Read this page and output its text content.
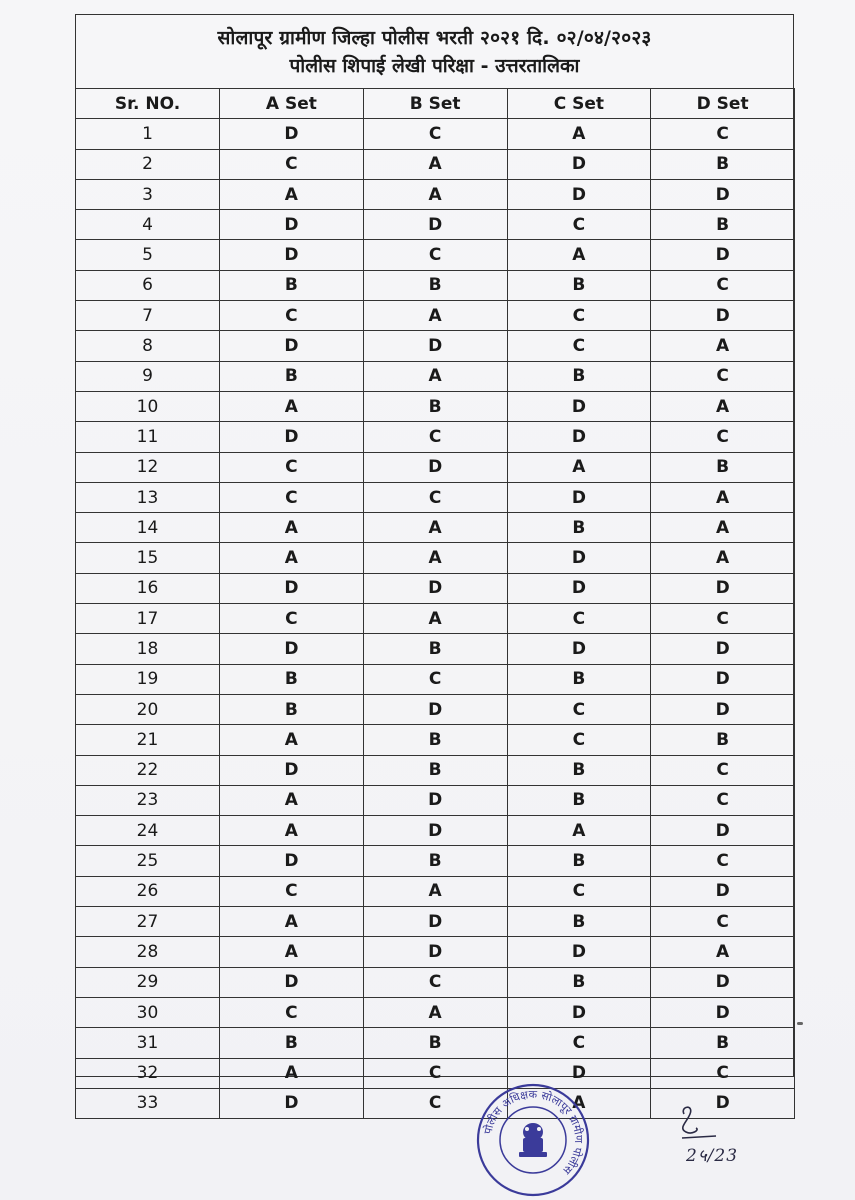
सोलापूर ग्रामीण जिल्हा पोलीस भरती २०२१ दि. ०२/०४/२०२३
पोलीस शिपाई लेखी परिक्षा - उत्तरतालिका
Sr. NO.	A Set	B Set	C Set	D Set
1	D	C	A	C
2	C	A	D	B
3	A	A	D	D
4	D	D	C	B
5	D	C	A	D
6	B	B	B	C
7	C	A	C	D
8	D	D	C	A
9	B	A	B	C
10	A	B	D	A
11	D	C	D	C
12	C	D	A	B
13	C	C	D	A
14	A	A	B	A
15	A	A	D	A
16	D	D	D	D
17	C	A	C	C
18	D	B	D	D
19	B	C	B	D
20	B	D	C	D
21	A	B	C	B
22	D	B	B	C
23	A	D	B	C
24	A	D	A	D
25	D	B	B	C
26	C	A	C	D
27	A	D	B	C
28	A	D	D	A
29	D	C	B	D
30	C	A	D	D
31	B	B	C	B
32	A	C	D	C
33	D	C	A	D
पोलीस अधिक्षक सोलापूर ग्रामीण पोलीस
2५/23
